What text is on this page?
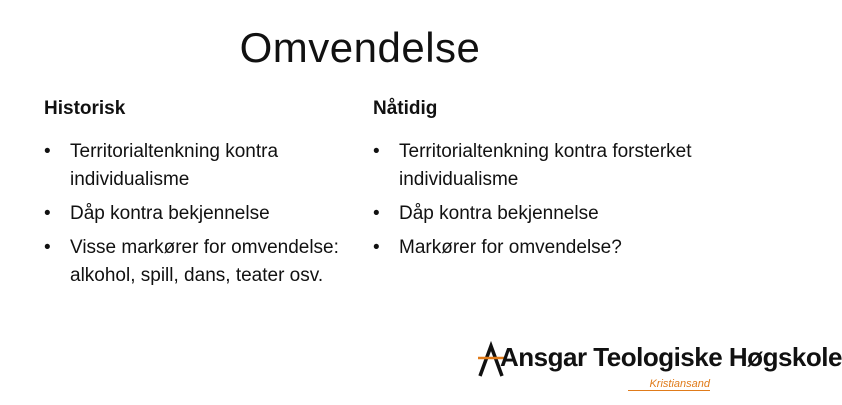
Omvendelse
Historisk
• Territorialtenkning kontra individualisme
• Dåp kontra bekjennelse
• Visse markører for omvendelse: alkohol, spill, dans, teater osv.
Nåtidig
• Territorialtenkning kontra forsterket individualisme
• Dåp kontra bekjennelse
• Markører for omvendelse?
Ansgar Teologiske Høgskole
Kristiansand
